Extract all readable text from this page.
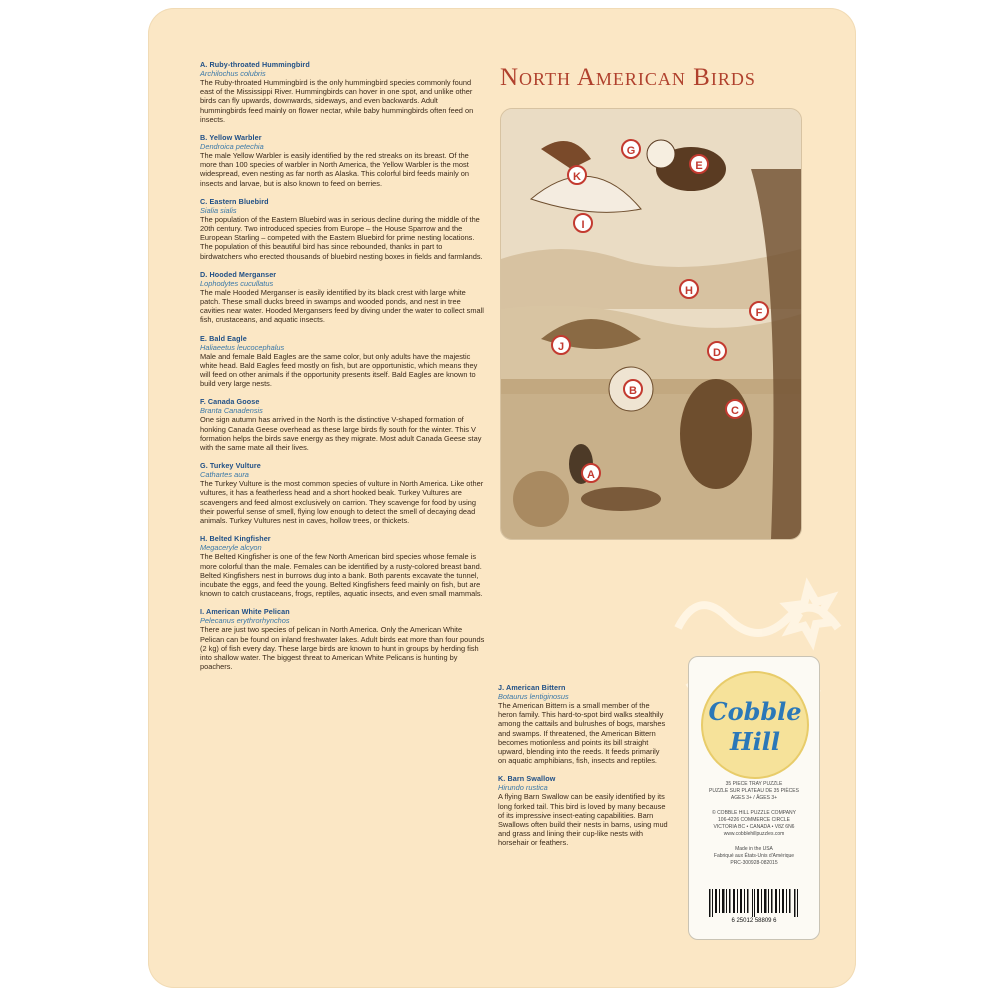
A. Ruby-throated Hummingbird
Archilochus colubris

The Ruby-throated Hummingbird is the only hummingbird species commonly found east of the Mississippi River. Hummingbirds can hover in one spot, and unlike other birds can fly upwards, downwards, sideways, and even backwards. Adult hummingbirds feed mainly on flower nectar, while baby hummingbirds often feed on insects.

B. Yellow Warbler
Dendroica petechia

The male Yellow Warbler is easily identified by the red streaks on its breast. Of the more than 100 species of warbler in North America, the Yellow Warbler is the most widespread, even nesting as far north as Alaska. This colorful bird feeds mainly on insects and larvae, but is also known to feed on berries.

C. Eastern Bluebird
Sialia sialis

The population of the Eastern Bluebird was in serious decline during the middle of the 20th century. Two introduced species from Europe – the House Sparrow and the European Starling – competed with the Eastern Bluebird for prime nesting locations. The population of this beautiful bird has since rebounded, thanks in part to birdwatchers who erected thousands of bluebird nesting boxes in fields and farmlands.

D. Hooded Merganser
Lophodytes cucullatus

The male Hooded Merganser is easily identified by its black crest with large white patch. These small ducks breed in swamps and wooded ponds, and nest in tree cavities near water. Hooded Mergansers feed by diving under the water to collect small fish, crustaceans, and aquatic insects.

E. Bald Eagle
Haliaeetus leucocephalus

Male and female Bald Eagles are the same color, but only adults have the majestic white head. Bald Eagles feed mostly on fish, but are opportunistic, which means they will feed on other animals if the opportunity presents itself. Bald Eagles are known to build very large nests.

F. Canada Goose
Branta Canadensis

One sign autumn has arrived in the North is the distinctive V-shaped formation of honking Canada Geese overhead as these large birds fly south for the winter. This V formation helps the birds save energy as they migrate. Most adult Canada Geese stay with the same mate all their lives.

G. Turkey Vulture
Cathartes aura

The Turkey Vulture is the most common species of vulture in North America. Like other vultures, it has a featherless head and a short hooked beak. Turkey Vultures are scavengers and feed almost exclusively on carrion. They scavenge for food by using their powerful sense of smell, flying low enough to detect the smell of decaying dead animals. Turkey Vultures nest in caves, hollow trees, or thickets.

H. Belted Kingfisher
Megaceryle alcyon

The Belted Kingfisher is one of the few North American bird species whose female is more colorful than the male. Females can be identified by a rusty-colored breast band. Belted Kingfishers nest in burrows dug into a bank. Both parents excavate the tunnel, incubate the eggs, and feed the young. Belted Kingfishers feed mainly on fish, but are known to catch crustaceans, frogs, reptiles, aquatic insects, and even small mammals.

I. American White Pelican
Pelecanus erythrorhynchos

There are just two species of pelican in North America. Only the American White Pelican can be found on inland freshwater lakes. Adult birds eat more than four pounds (2 kg) of fish every day. These large birds are known to hunt in groups by herding fish into shallow water. The biggest threat to American White Pelicans is hunting by poachers.

North American Birds
K
G
E
I
H
F
J	D
B
C
A
J. American Bittern
Botaurus lentiginosus

The American Bittern is a small member of the heron family. This hard-to-spot bird walks stealthily among the cattails and bulrushes of bogs, marshes and swamps. If threatened, the American Bittern becomes motionless and points its bill straight upward, blending into the reeds. It feeds primarily on aquatic amphibians, fish, insects and reptiles.

K. Barn Swallow
Hirundo rustica

A flying Barn Swallow can be easily identified by its long forked tail. This bird is loved by many because of its impressive insect-eating capabilities. Barn Swallows often build their nests in barns, using mud and grass and lining their cup-like nests with horsehair or feathers.

Cobble
Hill
35 PIECE TRAY PUZZLE
PUZZLE SUR PLATEAU DE 35 PIÈCES
AGES 3+ / ÂGES 3+
© COBBLE HILL PUZZLE COMPANY
106-4226 COMMERCE CIRCLE
VICTORIA BC • CANADA • V8Z 6N6
www.cobblehillpuzzles.com
Made in the USA
Fabriqué aux États-Unis d'Amérique
PRC-300928-082015
6 25012 58809 6
